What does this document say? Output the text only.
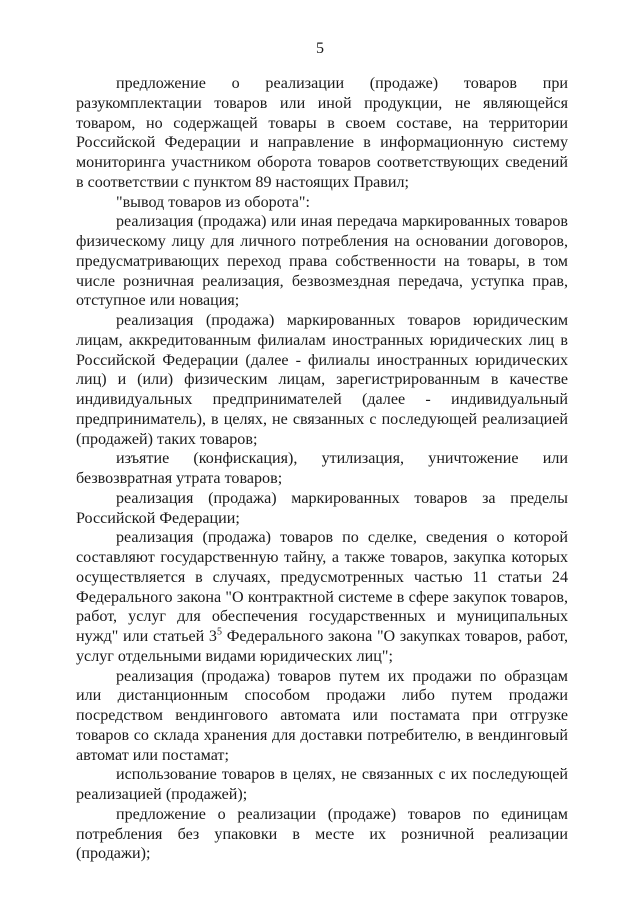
5

предложение о реализации (продаже) товаров при разукомплектации товаров или иной продукции, не являющейся товаром, но содержащей товары в своем составе, на территории Российской Федерации и направление в информационную систему мониторинга участником оборота товаров соответствующих сведений в соответствии с пунктом 89 настоящих Правил;

"вывод товаров из оборота":

реализация (продажа) или иная передача маркированных товаров физическому лицу для личного потребления на основании договоров, предусматривающих переход права собственности на товары, в том числе розничная реализация, безвозмездная передача, уступка прав, отступное или новация;

реализация (продажа) маркированных товаров юридическим лицам, аккредитованным филиалам иностранных юридических лиц в Российской Федерации (далее - филиалы иностранных юридических лиц) и (или) физическим лицам, зарегистрированным в качестве индивидуальных предпринимателей (далее - индивидуальный предприниматель), в целях, не связанных с последующей реализацией (продажей) таких товаров;

изъятие (конфискация), утилизация, уничтожение или безвозвратная утрата товаров;

реализация (продажа) маркированных товаров за пределы Российской Федерации;

реализация (продажа) товаров по сделке, сведения о которой составляют государственную тайну, а также товаров, закупка которых осуществляется в случаях, предусмотренных частью 11 статьи 24 Федерального закона "О контрактной системе в сфере закупок товаров, работ, услуг для обеспечения государственных и муниципальных нужд" или статьей $3^5$ Федерального закона "О закупках товаров, работ, услуг отдельными видами юридических лиц";

реализация (продажа) товаров путем их продажи по образцам или дистанционным способом продажи либо путем продажи посредством вендингового автомата или постамата при отгрузке товаров со склада хранения для доставки потребителю, в вендинговый автомат или постамат;

использование товаров в целях, не связанных с их последующей реализацией (продажей);

предложение о реализации (продаже) товаров по единицам потребления без упаковки в месте их розничной реализации (продажи);
